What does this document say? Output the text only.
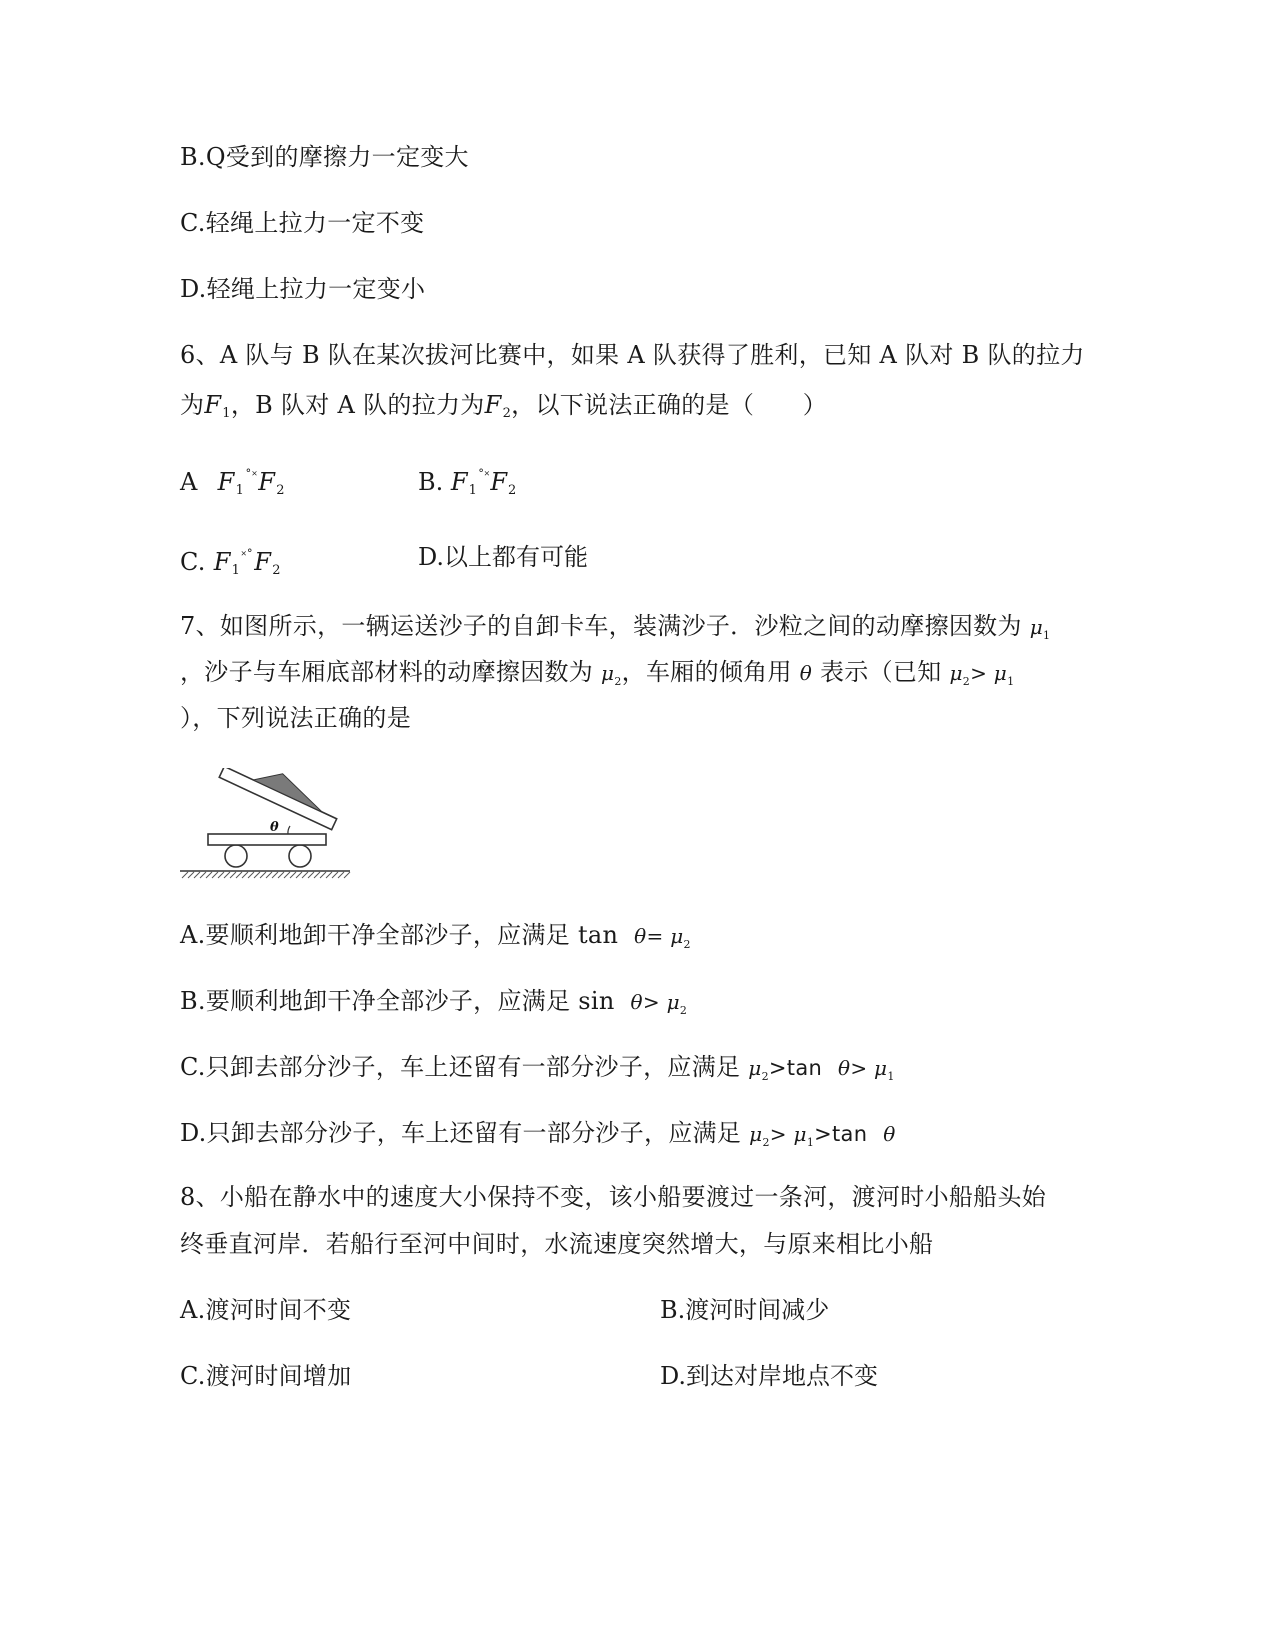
B.Q受到的摩擦力一定变大
C.轻绳上拉力一定不变
D.轻绳上拉力一定变小
6、A 队与 B 队在某次拔河比赛中，如果 A 队获得了胜利，已知 A 队对 B 队的拉力
为$F_1$，B 队对 A 队的拉力为$F_2$，以下说法正确的是（　　）
A $F_1^{˚˟}F_2$	B. $F_1^{˚˟}F_2$
C. $F_1^{˟˚}F_2$	D.以上都有可能
7、如图所示，一辆运送沙子的自卸卡车，装满沙子．沙粒之间的动摩擦因数为 $\mu_1$
，沙子与车厢底部材料的动摩擦因数为 $\mu_2$，车厢的倾角用 θ 表示（已知 $\mu_2> \mu_1$
），下列说法正确的是
θ
A.要顺利地卸干净全部沙子，应满足 $\tan \theta= \mu_2$
B.要顺利地卸干净全部沙子，应满足 $\sin \theta> \mu_2$
C.只卸去部分沙子，车上还留有一部分沙子，应满足 $\mu_2>\tan$ $\theta> \mu_1$
D.只卸去部分沙子，车上还留有一部分沙子，应满足 $\mu_2> \mu_1>\tan$ θ
8、小船在静水中的速度大小保持不变，该小船要渡过一条河，渡河时小船船头始
终垂直河岸．若船行至河中间时，水流速度突然增大，与原来相比小船
A.渡河时间不变	B.渡河时间减少
C.渡河时间增加	D.到达对岸地点不变
